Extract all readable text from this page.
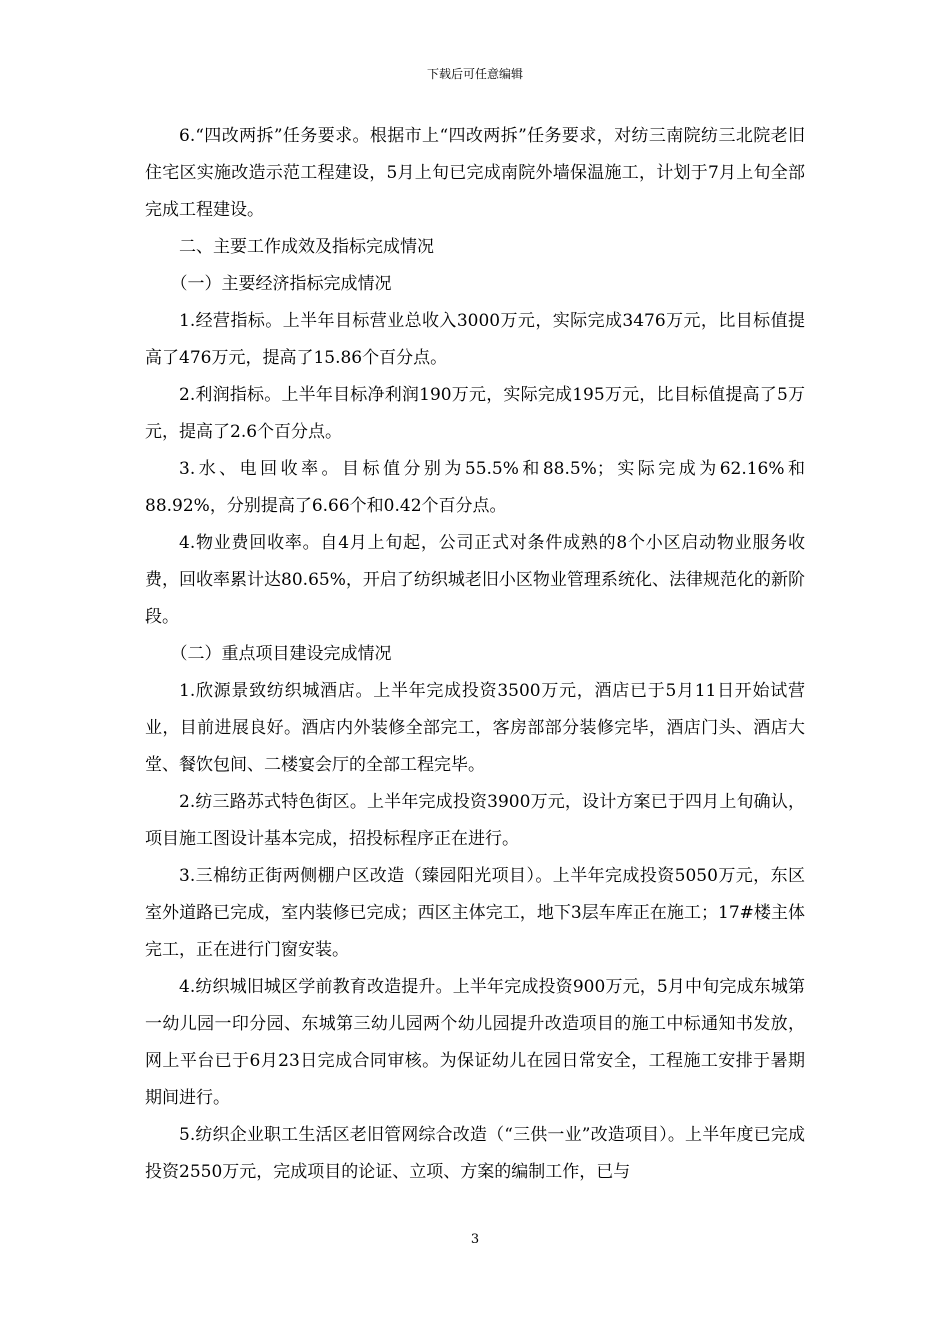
下载后可任意编辑

6.“四改两拆”任务要求。根据市上“四改两拆”任务要求，对纺三南院纺三北院老旧住宅区实施改造示范工程建设，5月上旬已完成南院外墙保温施工，计划于7月上旬全部完成工程建设。

二、主要工作成效及指标完成情况

（一）主要经济指标完成情况

1.经营指标。上半年目标营业总收入3000万元，实际完成3476万元，比目标值提高了476万元，提高了15.86个百分点。

2.利润指标。上半年目标净利润190万元，实际完成195万元，比目标值提高了5万元，提高了2.6个百分点。

3.水、电回收率。目标值分别为55.5%和88.5%；实际完成为62.16%和88.92%，分别提高了6.66个和0.42个百分点。

4.物业费回收率。自4月上旬起，公司正式对条件成熟的8个小区启动物业服务收费，回收率累计达80.65%，开启了纺织城老旧小区物业管理系统化、法律规范化的新阶段。

（二）重点项目建设完成情况

1.欣源景致纺织城酒店。上半年完成投资3500万元，酒店已于5月11日开始试营业，目前进展良好。酒店内外装修全部完工，客房部部分装修完毕，酒店门头、酒店大堂、餐饮包间、二楼宴会厅的全部工程完毕。

2.纺三路苏式特色街区。上半年完成投资3900万元，设计方案已于四月上旬确认，项目施工图设计基本完成，招投标程序正在进行。

3.三棉纺正街两侧棚户区改造（臻园阳光项目）。上半年完成投资5050万元，东区室外道路已完成，室内装修已完成；西区主体完工，地下3层车库正在施工；17#楼主体完工，正在进行门窗安装。

4.纺织城旧城区学前教育改造提升。上半年完成投资900万元，5月中旬完成东城第一幼儿园一印分园、东城第三幼儿园两个幼儿园提升改造项目的施工中标通知书发放，网上平台已于6月23日完成合同审核。为保证幼儿在园日常安全，工程施工安排于暑期期间进行。

5.纺织企业职工生活区老旧管网综合改造（“三供一业”改造项目）。上半年度已完成投资2550万元，完成项目的论证、立项、方案的编制工作，已与

3
